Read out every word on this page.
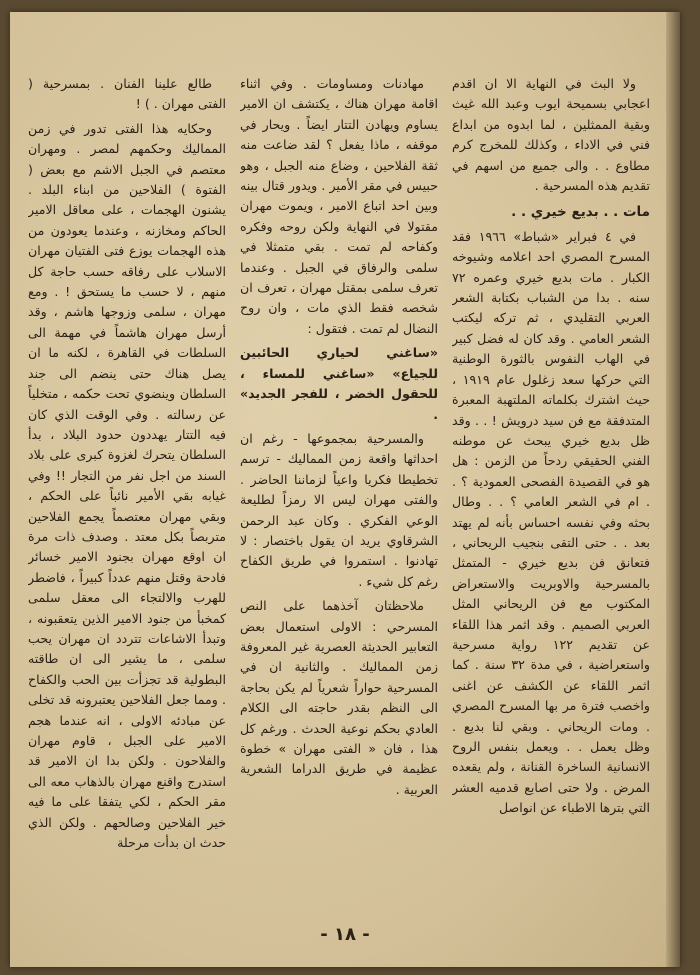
طالع علينا الفنان . بمسرحية ( الفتى مهران . ) !

وحكايه هذا الفتى تدور في زمن المماليك وحكمهم لمصر . ومهران معتصم في الجبل الاشم مع بعض ( الفتوة ) الفلاحين من ابناء البلد . يشنون الهجمات ، على معاقل الامير الحاكم ومخازنه ، وعندما يعودون من هذه الهجمات يوزع فتى الفتيان مهران الاسلاب على رفاقه حسب حاجة كل منهم ، لا حسب ما يستحق ! . ومع مهران ، سلمى وزوجها هاشم ، وقد أرسل مهران هاشماً في مهمة الى السلطات في القاهرة ، لكنه ما ان يصل هناك حتى ينضم الى جند السلطان وينضوي تحت حكمه ، متخلياً عن رسالته . وفي الوقت الذي كان فيه التتار يهددون حدود البلاد ، بدأ السلطان يتحرك لغزوة كبرى على بلاد السند من اجل نفر من التجار !! وفي غيابه بقي الأمير نائباً على الحكم ، وبقي مهران معتصماً يجمع الفلاحين متربصاً بكل معتد . وصدف ذات مرة ان اوقع مهران بجنود الامير خسائر فادحة وقتل منهم عدداً كبيراً ، فاضطر للهرب والالتجاء الى معقل سلمى كمخبأ من جنود الامير الذين يتعقبونه ، وتبدأ الاشاعات تتردد ان مهران يحب سلمى ، ما يشير الى ان طاقته البطولية قد تجزأت بين الحب والكفاح . ومما جعل الفلاحين يعتبرونه قد تخلى عن مبادئه الاولى ، انه عندما هجم الامير على الجبل ، قاوم مهران والفلاحون . ولكن بدا ان الامير قد استدرج واقنع مهران بالذهاب معه الى مقر الحكم ، لكي يتفقا على ما فيه خير الفلاحين وصالحهم . ولكن الذي حدث ان بدأت مرحلة

مهادنات ومساومات . وفي اثناء اقامة مهران هناك ، يكتشف ان الامير يساوم ويهادن التتار ايضاً . ويحار في موقفه ، ماذا يفعل ؟ لقد ضاعت منه ثقة الفلاحين ، وضاع منه الجبل ، وهو حبيس في مقر الأمير . ويدور قتال بينه وبين احد اتباع الامير ، ويموت مهران مقتولا في النهاية ولكن روحه وفكره وكفاحه لم تمت . بقي متمثلا في سلمى والرفاق في الجبل . وعندما تعرف سلمى بمقتل مهران ، تعرف ان شخصه فقط الذي مات ، وان روح النضال لم تمت . فتقول :

«ساغني لحياري الحائبين للجياع» «ساغني للمساء ، للحقول الخضر ، للفجر الجديد» .

والمسرحية بمجموعها - رغم ان احداثها واقعة زمن المماليك - ترسم تخطيطا فكريا واعياً لزماننا الحاضر . والفتى مهران ليس الا رمزاً لطليعة الوعي الفكري . وكان عبد الرحمن الشرقاوي يريد ان يقول باختصار : لا تهادنوا . استمروا في طريق الكفاح رغم كل شيء .

ملاحظتان آخذهما على النص المسرحي : الاولى استعمال بعض التعابير الحديثة العصرية غير المعروفة زمن المماليك . والثانية ان في المسرحية حواراً شعرياً لم يكن بحاجة الى النظم بقدر حاجته الى الكلام العادي بحكم نوعية الحدث . ورغم كل هذا ، فان « الفتى مهران » خطوة عظيمة في طريق الدراما الشعرية العربية .

ولا البث في النهاية الا ان اقدم اعجابي بسميحة ايوب وعبد الله غيث وبقية الممثلين ، لما ابدوه من ابداع فني في الاداء ، وكذلك للمخرج كرم مطاوع . . والى جميع من اسهم في تقديم هذه المسرحية .

مات . . بديع خيري . .

في ٤ فبراير «شباط» ١٩٦٦ فقد المسرح المصري احد اعلامه وشيوخه الكبار . مات بديع خيري وعمره ٧٢ سنه . بدا من الشباب بكتابة الشعر العربي التقليدي ، ثم تركه ليكتب الشعر العامي . وقد كان له فضل كبير في الهاب النفوس بالثورة الوطنية التي حركها سعد زغلول عام ١٩١٩ ، حيث اشترك بكلماته الملتهبة المعبرة المتدفقة مع فن سيد درويش ! . . وقد ظل بديع خيري يبحث عن موطنه الفني الحقيقي ردحاً من الزمن : هل هو في القصيدة الفصحى العمودية ؟ . . ام في الشعر العامي ؟ . . وطال بحثه وفي نفسه احساس بأنه لم يهتد بعد . . حتى التقى بنجيب الريحاني ، فتعانق فن بديع خيري - المتمثل بالمسرحية والاوبريت والاستعراض المكتوب مع فن الريحاني المثل العربي الصميم . وقد اثمر هذا اللقاء عن تقديم ١٢٢ رواية مسرحية واستعراضية ، في مدة ٣٢ سنة . كما اثمر اللقاء عن الكشف عن اغنى واخصب فترة مر بها المسرح المصري . ومات الريحاني . وبقي لنا بديع . وظل يعمل . . ويعمل بنفس الروح الانسانية الساخرة القنانة ، ولم يقعده المرض . ولا حتى اصابع قدميه العشر التي بترها الاطباء عن انواصل

- ١٨ -
